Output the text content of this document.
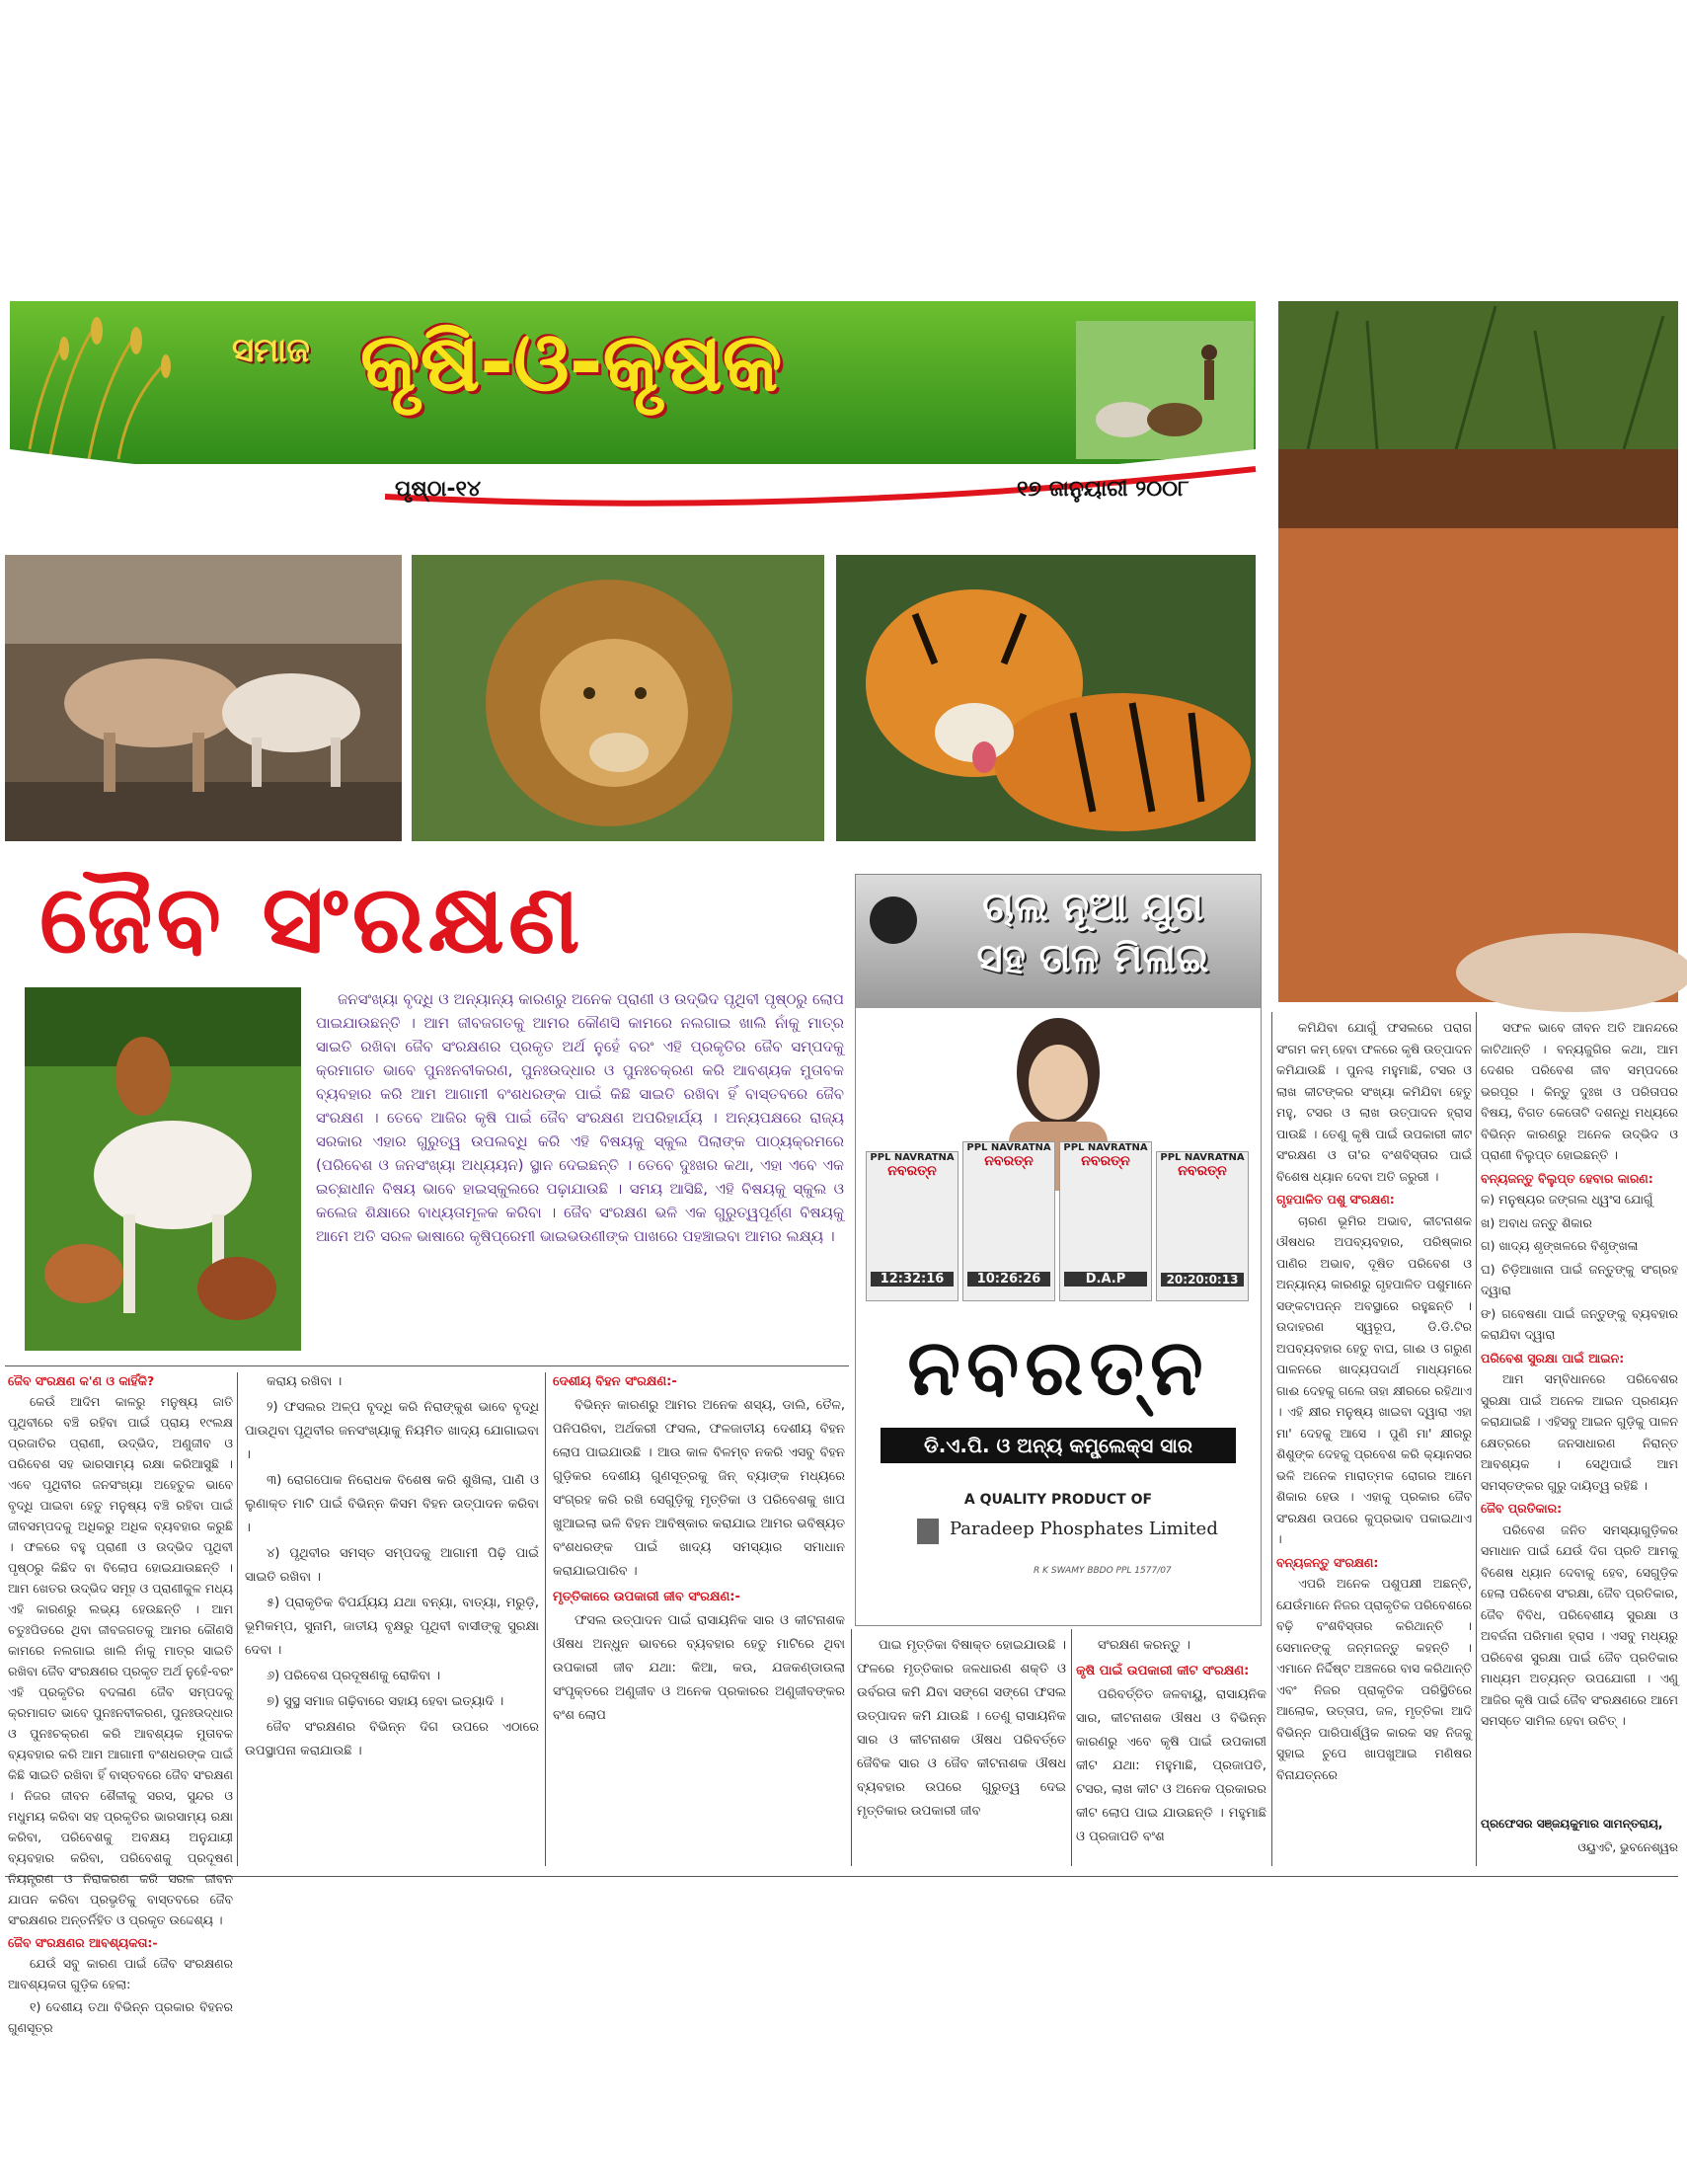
ସମାଜ କୃଷି-ଓ-କୃଷକ
ପୃଷ୍ଠା-୧୪	୧୭ ଜାନୁୟାରୀ ୨୦୦୮
ଜୈବ ସଂରକ୍ଷଣ

ଜନସଂଖ୍ୟା ବୃଦ୍ଧି ଓ ଅନ୍ୟାନ୍ୟ କାରଣରୁ ଅନେକ ପ୍ରାଣୀ ଓ ଉଦ୍ଭିଦ ପୃଥିବୀ ପୃଷ୍ଠରୁ ଲୋପ ପାଇଯାଉଛନ୍ତି । ଆମ ଜୀବଜଗତକୁ ଆମର କୌଣସି କାମରେ ନଲଗାଇ ଖାଲି ନାଁକୁ ମାତ୍ର ସାଇତି ରଖିବା ଜୈବ ସଂରକ୍ଷଣର ପ୍ରକୃତ ଅର୍ଥ ନୁହେଁ ବରଂ ଏହି ପ୍ରକୃତିର ଜୈବ ସମ୍ପଦକୁ କ୍ରମାଗତ ଭାବେ ପୁନଃନବୀକରଣ, ପୁନଃଉଦ୍ଧାର ଓ ପୁନଃଚକ୍ରଣ କରି ଆବଶ୍ୟକ ମୁତାବକ ବ୍ୟବହାର କରି ଆମ ଆଗାମୀ ବଂଶଧରଙ୍କ ପାଇଁ କିଛି ସାଇତି ରଖିବା ହିଁ ବାସ୍ତବରେ ଜୈବ ସଂରକ୍ଷଣ । ତେବେ ଆଜିର କୃଷି ପାଇଁ ଜୈବ ସଂରକ୍ଷଣ ଅପରିହାର୍ଯ୍ୟ । ଅନ୍ୟପକ୍ଷରେ ରାଜ୍ୟ ସରକାର ଏହାର ଗୁରୁତ୍ୱ ଉପଲବ୍ଧି କରି ଏହି ବିଷୟକୁ ସ୍କୁଲ ପିଲାଙ୍କ ପାଠ୍ୟକ୍ରମରେ (ପରିବେଶ ଓ ଜନସଂଖ୍ୟା ଅଧ୍ୟୟନ) ସ୍ଥାନ ଦେଇଛନ୍ତି । ତେବେ ଦୁଃଖର କଥା, ଏହା ଏବେ ଏକ ଇଚ୍ଛାଧୀନ ବିଷୟ ଭାବେ ହାଇସ୍କୁଲରେ ପଢ଼ାଯାଉଛି । ସମୟ ଆସିଛି, ଏହି ବିଷୟକୁ ସ୍କୁଲ ଓ କଲେଜ ଶିକ୍ଷାରେ ବାଧ୍ୟତାମୂଳକ କରିବା । ଜୈବ ସଂରକ୍ଷଣ ଭଳି ଏକ ଗୁରୁତ୍ୱପୂର୍ଣ୍ଣ ବିଷୟକୁ ଆମେ ଅତି ସରଳ ଭାଷାରେ କୃଷିପ୍ରେମୀ ଭାଇଭଉଣୀଙ୍କ ପାଖରେ ପହଞ୍ଚାଇବା ଆମର ଲକ୍ଷ୍ୟ ।

ଚାଲ ନୂଆ ଯୁଗ
ସହ ତାଳ ମିଳାଇ
PPL NAVRATNA
ନବରତ୍ନ
12:32:16
PPL NAVRATNA
ନବରତ୍ନ
10:26:26
PPL NAVRATNA
ନବରତ୍ନ
D.A.P
PPL NAVRATNA
ନବରତ୍ନ
20:20:0:13
ନବରତ୍ନ
ଡି.ଏ.ପି. ଓ ଅନ୍ୟ କମ୍ପ୍ଲେକ୍ସ ସାର
A QUALITY PRODUCT OF
Paradeep Phosphates Limited
R K SWAMY BBDO PPL 1577/07

ଜୈବ ସଂରକ୍ଷଣ କ'ଣ ଓ କାହିଁକି?

କେଉଁ ଆଦିମ କାଳରୁ ମନୁଷ୍ୟ ଜାତି ପୃଥିବୀରେ ବଞ୍ଚି ରହିବା ପାଇଁ ପ୍ରାୟ ୧୯ଲକ୍ଷ ପ୍ରଜାତିର ପ୍ରାଣୀ, ଉଦ୍ଭିଦ, ଅଣୁଜୀବ ଓ ପରିବେଶ ସହ ଭାରସାମ୍ୟ ରକ୍ଷା କରିଆସୁଛି । ଏବେ ପୃଥିବୀର ଜନସଂଖ୍ୟା ଅହେତୁକ ଭାବେ ବୃଦ୍ଧି ପାଇବା ହେତୁ ମନୁଷ୍ୟ ବଞ୍ଚି ରହିବା ପାଇଁ ଜୀବସମ୍ପଦକୁ ଅଧିକରୁ ଅଧିକ ବ୍ୟବହାର କରୁଛି । ଫଳରେ ବହୁ ପ୍ରାଣୀ ଓ ଉଦ୍ଭିଦ ପୃଥିବୀ ପୃଷ୍ଠରୁ କିଛିଦ ବା ବିଲୋପ ହୋଇଯାଉଛନ୍ତି । ଆମ ଖେତର ଉଦ୍ଭିଦ ସମୂହ ଓ ପ୍ରାଣୀକୁଳ ମଧ୍ୟ ଏହି କାରଣରୁ ଲଭ୍ୟ ହେଉଛନ୍ତି । ଆମ ଚତୁଃପିଡରେ ଥିବା ଜୀବଜଗତକୁ ଆମର କୌଣସି କାମରେ ନଲଗାଇ ଖାଲି ନାଁକୁ ମାତ୍ର ସାଇତି ରଖିବା ଜୈବ ସଂରକ୍ଷଣର ପ୍ରକୃତ ଅର୍ଥ ନୁହେଁ-ବରଂ ଏହି ପ୍ରକୃତିର ବଦଳାଣ ଜୈବ ସମ୍ପଦକୁ କ୍ରମାଗତ ଭାବେ ପୁନଃନବୀକରଣ, ପୁନଃଉଦ୍ଧାର ଓ ପୁନଃଚକ୍ରଣ କରି ଆବଶ୍ୟକ ମୁତାବକ ବ୍ୟବହାର କରି ଆମ ଆଗାମୀ ବଂଶଧରଙ୍କ ପାଇଁ କିଛି ସାଇତି ରଖିବା ହିଁ ବାସ୍ତବରେ ଜୈବ ସଂରକ୍ଷଣ । ନିଜର ଜୀବନ ଶୈଳୀକୁ ସରସ, ସୁନ୍ଦର ଓ ମଧୁମୟ କରିବା ସହ ପ୍ରକୃତିର ଭାରସାମ୍ୟ ରକ୍ଷା କରିବା, ପରିବେଶକୁ ଅବକ୍ଷୟ ଅନୁଯାୟୀ ବ୍ୟବହାର କରିବା, ପରିବେଶକୁ ପ୍ରଦୂଷଣ ନିୟନ୍ତ୍ରଣ ଓ ନିରାକରଣ କରି ସରଳ ଜୀବନ ଯାପନ କରିବା ପ୍ରଭୃତିକୁ ବାସ୍ତବରେ ଜୈବ ସଂରକ୍ଷଣର ଅନ୍ତର୍ନିହିତ ଓ ପ୍ରକୃତ ଉଦ୍ଦେଶ୍ୟ ।

ଜୈବ ସଂରକ୍ଷଣର ଆବଶ୍ୟକତା:-

ଯେଉଁ ସବୁ କାରଣ ପାଇଁ ଜୈବ ସଂରକ୍ଷଣର ଆବଶ୍ୟକତା ଗୁଡ଼ିକ ହେଲା:

୧) ଦେଶୀୟ ତଥା ବିଭିନ୍ନ ପ୍ରକାର ବିହନର ଗୁଣସୂତ୍ର

କରାୟ ରଖିବା ।

୨) ଫସଲର ଅଳ୍ପ ବୃଦ୍ଧି କରି ନିରାଙ୍କୁଶ ଭାବେ ବୃଦ୍ଧି ପାଉଥିବା ପୃଥିବୀର ଜନସଂଖ୍ୟାକୁ ନିୟମିତ ଖାଦ୍ୟ ଯୋଗାଇବା ।

୩) ରୋଗପୋକ ନିରୋଧକ ବିଶେଷ କରି ଶୁଖିଲା, ପାଣି ଓ ଲୁଣାକ୍ତ ମାଟି ପାଇଁ ବିଭିନ୍ନ କିସମ ବିହନ ଉତ୍ପାଦନ କରିବା ।

୪) ପୃଥିବୀର ସମସ୍ତ ସମ୍ପଦକୁ ଆଗାମୀ ପିଢ଼ି ପାଇଁ ସାଇତି ରଖିବା ।

୫) ପ୍ରାକୃତିକ ବିପର୍ଯ୍ୟୟ ଯଥା ବନ୍ୟା, ବାତ୍ୟା, ମରୁଡ଼ି, ଭୂମିକମ୍ପ, ସୁନାମି, ଜାତୀୟ ବୃକ୍ଷରୁ ପୃଥିବୀ ବାସୀଙ୍କୁ ସୁରକ୍ଷା ଦେବା ।

୬) ପରିବେଶ ପ୍ରଦୂଷଣକୁ ରୋକିବା ।

୭) ସୁସ୍ଥ ସମାଜ ଗଢ଼ିବାରେ ସହାୟ ହେବା ଇତ୍ୟାଦି ।

ଜୈବ ସଂରକ୍ଷଣର ବିଭିନ୍ନ ଦିଗ ଉପରେ ଏଠାରେ ଉପସ୍ଥାପନା କରାଯାଉଛି ।

ଦେଶୀୟ ବିହନ ସଂରକ୍ଷଣ:-

ବିଭିନ୍ନ କାରଣରୁ ଆମର ଅନେକ ଶସ୍ୟ, ଡାଲି, ତୈଳ, ପନିପରିବା, ଅର୍ଥକରୀ ଫସଲ, ଫଳଜାତୀୟ ଦେଶୀୟ ବିହନ ଲୋପ ପାଇଯାଉଛି । ଆଉ କାଳ ବିଳମ୍ବ ନକରି ଏସବୁ ବିହନ ଗୁଡ଼ିକର ଦେଶୀୟ ଗୁଣସୂତ୍ରକୁ ଜିନ୍ ବ୍ୟାଙ୍କ ମଧ୍ୟରେ ସଂଗ୍ରହ କରି ରଖି ସେଗୁଡ଼ିକୁ ମୃତ୍ତିକା ଓ ପରିବେଶକୁ ଖାପ ଖୁଆଇଲା ଭଳି ବିହନ ଆବିଷ୍କାର କରାଯାଇ ଆମର ଭବିଷ୍ୟତ ବଂଶଧରଙ୍କ ପାଇଁ ଖାଦ୍ୟ ସମସ୍ୟାର ସମାଧାନ କରାଯାଇପାରିବ ।

ମୃତ୍ତିକାରେ ଉପକାରୀ ଜୀବ ସଂରକ୍ଷଣ:-

ଫସଲ ଉତ୍ପାଦନ ପାଇଁ ରାସାୟନିକ ସାର ଓ କୀଟନାଶକ ଔଷଧ ଅନ୍ଧୁନ ଭାବରେ ବ୍ୟବହାର ହେତୁ ମାଟିରେ ଥିବା ଉପକାରୀ ଜୀବ ଯଥା: କିଆ, କଉ, ଯଜକଣ୍ଡାଉଲା ସଂପୃକ୍ତରେ ଅଣୁଜୀବ ଓ ଅନେକ ପ୍ରକାରର ଅଣୁଜୀବଙ୍କର ବଂଶ ଲୋପ

ପାଇ ମୃତ୍ତିକା ବିଷାକ୍ତ ହୋଇଯାଉଛି । ଫଳରେ ମୃତ୍ତିକାର ଜଳଧାରଣ ଶକ୍ତି ଓ ଉର୍ବରତା କମି ଯିବା ସଙ୍ଗେ ସଙ୍ଗେ ଫସଲ ଉତ୍ପାଦନ କମି ଯାଉଛି । ତେଣୁ ରାସାୟନିକ ସାର ଓ କୀଟନାଶକ ଔଷଧ ପରିବର୍ତ୍ତେ ଜୈବିକ ସାର ଓ ଜୈବ କୀଟନାଶକ ଔଷଧ ବ୍ୟବହାର ଉପରେ ଗୁରୁତ୍ୱ ଦେଇ ମୃତ୍ତିକାର ଉପକାରୀ ଜୀବ

ସଂରକ୍ଷଣ କରନ୍ତୁ ।

କୃଷି ପାଇଁ ଉପକାରୀ କୀଟ ସଂରକ୍ଷଣ:

ପରିବର୍ତ୍ତିତ ଜଳବାୟୁ, ରାସାୟନିକ ସାର, କୀଟନାଶକ ଔଷଧ ଓ ବିଭିନ୍ନ କାରଣରୁ ଏବେ କୃଷି ପାଇଁ ଉପକାରୀ କୀଟ ଯଥା: ମହୁମାଛି, ପ୍ରଜାପତି, ଟସର, ଲାଖ କୀଟ ଓ ଅନେକ ପ୍ରକାରର କୀଟ ଲୋପ ପାଇ ଯାଉଛନ୍ତି । ମହୁମାଛି ଓ ପ୍ରଜାପତି ବଂଶ

କମିଯିବା ଯୋଗୁଁ ଫସଲରେ ପରାଗ ସଂଗମ କମ୍ ହେବା ଫଳରେ କୃଷି ଉତ୍ପାଦନ କମିଯାଉଛି । ପୁନଶ୍ଚ ମହୁମାଛି, ଟସର ଓ ଲାଖ କୀଟଙ୍କର ସଂଖ୍ୟା କମିଯିବା ହେତୁ ମହୁ, ଟସର ଓ ଲାଖ ଉତ୍ପାଦନ ହ୍ରାସ ପାଉଛି । ତେଣୁ କୃଷି ପାଇଁ ଉପକାରୀ କୀଟ ସଂରକ୍ଷଣ ଓ ତା'ର ବଂଶବିସ୍ତାର ପାଇଁ ବିଶେଷ ଧ୍ୟାନ ଦେବା ଅତି ଜରୁରୀ ।

ଗୃହପାଳିତ ପଶୁ ସଂରକ୍ଷଣ:

ଚାରଣ ଭୂମିର ଅଭାବ, କୀଟନାଶକ ଔଷଧର ଅପବ୍ୟବହାର, ପରିଷ୍କାର ପାଣିର ଅଭାବ, ଦୂଷିତ ପରିବେଶ ଓ ଅନ୍ୟାନ୍ୟ କାରଣରୁ ଗୃହପାଳିତ ପଶୁମାନେ ସଙ୍କଟାପନ୍ନ ଅବସ୍ଥାରେ ରହୁଛନ୍ତି । ଉଦାହରଣ ସ୍ୱରୂପ, ଡି.ଡି.ଟିର ଅପବ୍ୟବହାର ହେତୁ ବାଘ, ଗାଈ ଓ ଗରୁଣ ପାଳନରେ ଖାଦ୍ୟପଦାର୍ଥ ମାଧ୍ୟମରେ ଗାଈ ଦେହକୁ ଗଲେ ତାହା କ୍ଷୀରରେ ରହିଥାଏ । ଏହି କ୍ଷୀର ମନୁଷ୍ୟ ଖାଇବା ଦ୍ୱାରା ଏହା ମା' ଦେହକୁ ଆସେ । ପୁଣି ମା' କ୍ଷୀରରୁ ଶିଶୁଙ୍କ ଦେହକୁ ପ୍ରବେଶ କରି କ୍ୟାନସର ଭଳି ଅନେକ ମାରାତ୍ମକ ରୋଗର ଆମେ ଶିକାର ହେଉ । ଏହାକୁ ପ୍ରକାର ଜୈବ ସଂରକ୍ଷଣ ଉପରେ କୁପ୍ରଭାବ ପକାଇଥାଏ ।

ବନ୍ୟଜନ୍ତୁ ସଂରକ୍ଷଣ:

ଏପରି ଅନେକ ପଶୁପକ୍ଷୀ ଅଛନ୍ତି, ଯେଉଁମାନେ ନିଜର ପ୍ରାକୃତିକ ପରିବେଶରେ ବଢ଼ି ବଂଶବିସ୍ତାର କରିଥାନ୍ତି । ସେମାନଙ୍କୁ ଜନ୍ମଜନ୍ତୁ କହନ୍ତି । ଏମାନେ ନିର୍ଦ୍ଦିଷ୍ଟ ଅଞ୍ଚଳରେ ବାସ କରିଥାନ୍ତି ଏବଂ ନିଜର ପ୍ରାକୃତିକ ପରିସ୍ଥିତିରେ ଆଲୋକ, ଉତ୍ତାପ, ଜଳ, ମୃତ୍ତିକା ଆଦି ବିଭିନ୍ନ ପାରିପାର୍ଶ୍ୱିକ କାରକ ସହ ନିଜକୁ ସୁହାଇ ଚୁପେ ଖାପଖୁଆଇ ମଣିଷର ବିନାଯତ୍ନରେ

ସଫଳ ଭାବେ ଜୀବନ ଅତି ଆନନ୍ଦରେ କାଟିଥାନ୍ତି । ବନ୍ୟଜୁଗିର କଥା, ଆମ ଦେଶର ପରିବେଶ ଜୀବ ସମ୍ପଦରେ ଭରପୂର । କିନ୍ତୁ ଦୁଃଖ ଓ ପରିତାପର ବିଷୟ, ବିଗତ କେତୋଟି ଦଶନ୍ଧି ମଧ୍ୟରେ ବିଭିନ୍ନ କାରଣରୁ ଅନେକ ଉଦ୍ଭିଦ ଓ ପ୍ରାଣୀ ବିଲୁପ୍ତ ହୋଇଛନ୍ତି ।

ବନ୍ୟଜନ୍ତୁ ବିଲୁପ୍ତ ହେବାର କାରଣ:

କ) ମନୁଷ୍ୟର ଜଙ୍ଗଲ ଧ୍ୱଂସ ଯୋଗୁଁ

ଖ) ଅବାଧ ଜନ୍ତୁ ଶିକାର

ଗ) ଖାଦ୍ୟ ଶୃଙ୍ଖଳରେ ବିଶୃଙ୍ଖଳା

ଘ) ଚିଡ଼ିଆଖାନା ପାଇଁ ଜନ୍ତୁଙ୍କୁ ସଂଗ୍ରହ ଦ୍ୱାରା

ଙ) ଗବେଷଣା ପାଇଁ ଜନ୍ତୁଙ୍କୁ ବ୍ୟବହାର କରାଯିବା ଦ୍ୱାରା

ପରିବେଶ ସୁରକ୍ଷା ପାଇଁ ଆଇନ:

ଆମ ସମ୍ବିଧାନରେ ପରିବେଶର ସୁରକ୍ଷା ପାଇଁ ଅନେକ ଆଇନ ପ୍ରଣୟନ କରାଯାଇଛି । ଏହିସବୁ ଆଇନ ଗୁଡ଼ିକୁ ପାଳନ କ୍ଷେତ୍ରରେ ଜନସାଧାରଣ ନିରାନ୍ତ ଆବଶ୍ୟକ । ସେଥିପାଇଁ ଆମ ସମସ୍ତଙ୍କର ଗୁରୁ ଦାୟିତ୍ୱ ରହିଛି ।

ଜୈବ ପ୍ରତିକାର:

ପରିବେଶ ଜନିତ ସମସ୍ୟାଗୁଡ଼ିକର ସମାଧାନ ପାଇଁ ଯେଉଁ ଦିଗ ପ୍ରତି ଆମକୁ ବିଶେଷ ଧ୍ୟାନ ଦେବାକୁ ହେବ, ସେଗୁଡ଼ିକ ହେଲା ପରିବେଶ ସଂରକ୍ଷା, ଜୈବ ପ୍ରତିକାର, ଜୈବ ବିବିଧ, ପରିବେଶୀୟ ସୁରକ୍ଷା ଓ ଅବର୍ଜନା ପରିମାଣ ହ୍ରାସ । ଏସବୁ ମଧ୍ୟରୁ ପରିବେଶ ସୁରକ୍ଷା ପାଇଁ ଜୈବ ପ୍ରତିକାର ମାଧ୍ୟମ ଅତ୍ୟନ୍ତ ଉପଯୋଗୀ । ଏଣୁ ଆଜିର କୃଷି ପାଇଁ ଜୈବ ସଂରକ୍ଷଣରେ ଆମେ ସମସ୍ତେ ସାମିଲ ହେବା ଉଚିତ୍ ।

ପ୍ରଫେସର ସଞ୍ଜୟକୁମାର ସାମନ୍ତରାୟ,
ଓୟୁଏଟି, ଭୁବନେଶ୍ୱର
